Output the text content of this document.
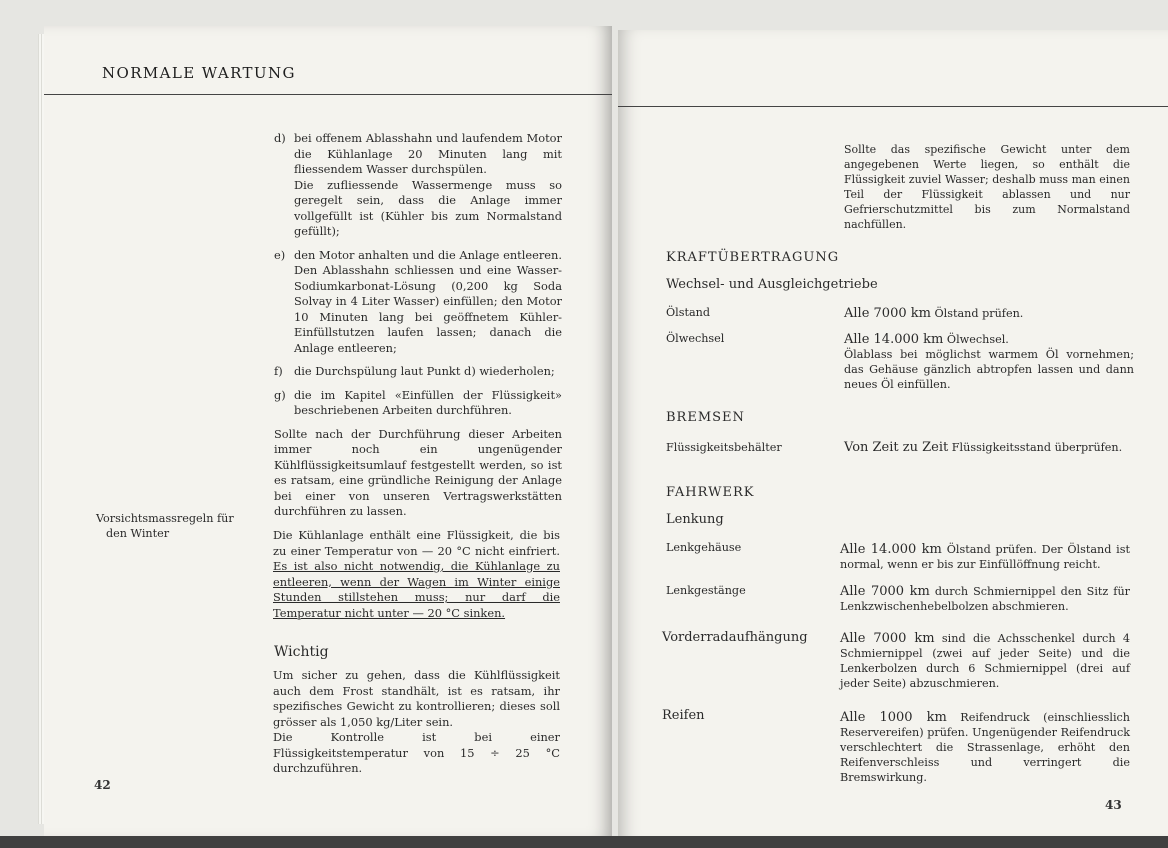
NORMALE WARTUNG
d) bei offenem Ablasshahn und laufendem Motor die Kühlanlage 20 Minuten lang mit fliessendem Wasser durchspülen.
Die zufliessende Wassermenge muss so geregelt sein, dass die Anlage immer vollgefüllt ist (Kühler bis zum Normalstand gefüllt);
e) den Motor anhalten und die Anlage entleeren. Den Ablasshahn schliessen und eine Wasser-Sodiumkarbonat-Lösung (0,200 kg Soda Solvay in 4 Liter Wasser) einfüllen; den Motor 10 Minuten lang bei geöffnetem Kühler-Einfüllstutzen laufen lassen; danach die Anlage entleeren;
f) die Durchspülung laut Punkt d) wiederholen;
g) die im Kapitel «Einfüllen der Flüssigkeit» beschriebenen Arbeiten durchführen.
Sollte nach der Durchführung dieser Arbeiten immer noch ein ungenügender Kühlflüssigkeitsumlauf festgestellt werden, so ist es ratsam, eine gründliche Reinigung der Anlage bei einer von unseren Vertragswerkstätten durchführen zu lassen.
Vorsichtsmassregeln für
den Winter	Die Kühlanlage enthält eine Flüssigkeit, die bis zu einer Temperatur von — 20 °C nicht einfriert. Es ist also nicht notwendig, die Kühlanlage zu entleeren, wenn der Wagen im Winter einige Stunden stillstehen muss; nur darf die Temperatur nicht unter — 20 °C sinken.
Wichtig
Um sicher zu gehen, dass die Kühlflüssigkeit auch dem Frost standhält, ist es ratsam, ihr spezifisches Gewicht zu kontrollieren; dieses soll grösser als 1,050 kg/Liter sein.
Die Kontrolle ist bei einer Flüssigkeitstemperatur von 15 ÷ 25 °C durchzuführen.
42
Sollte das spezifische Gewicht unter dem angegebenen Werte liegen, so enthält die Flüssigkeit zuviel Wasser; deshalb muss man einen Teil der Flüssigkeit ablassen und nur Gefrierschutzmittel bis zum Normalstand nachfüllen.
KRAFTÜBERTRAGUNG
Wechsel- und Ausgleichgetriebe
Ölstand	Alle 7000 km Ölstand prüfen.
Ölwechsel	Alle 14.000 km Ölwechsel.
Ölablass bei möglichst warmem Öl vornehmen; das Gehäuse gänzlich abtropfen lassen und dann neues Öl einfüllen.
BREMSEN
Flüssigkeitsbehälter	Von Zeit zu Zeit Flüssigkeitsstand überprüfen.
FAHRWERK
Lenkung
Lenkgehäuse	Alle 14.000 km Ölstand prüfen. Der Ölstand ist normal, wenn er bis zur Einfüllöffnung reicht.
Lenkgestänge	Alle 7000 km durch Schmiernippel den Sitz für Lenkzwischenhebelbolzen abschmieren.
Vorderradaufhängung Alle 7000 km sind die Achsschenkel durch 4 Schmiernippel (zwei auf jeder Seite) und die Lenkerbolzen durch 6 Schmiernippel (drei auf jeder Seite) abzuschmieren.
Reifen	Alle 1000 km Reifendruck (einschliesslich Reservereifen) prüfen. Ungenügender Reifendruck verschlechtert die Strassenlage, erhöht den Reifenverschleiss und verringert die Bremswirkung.
43
